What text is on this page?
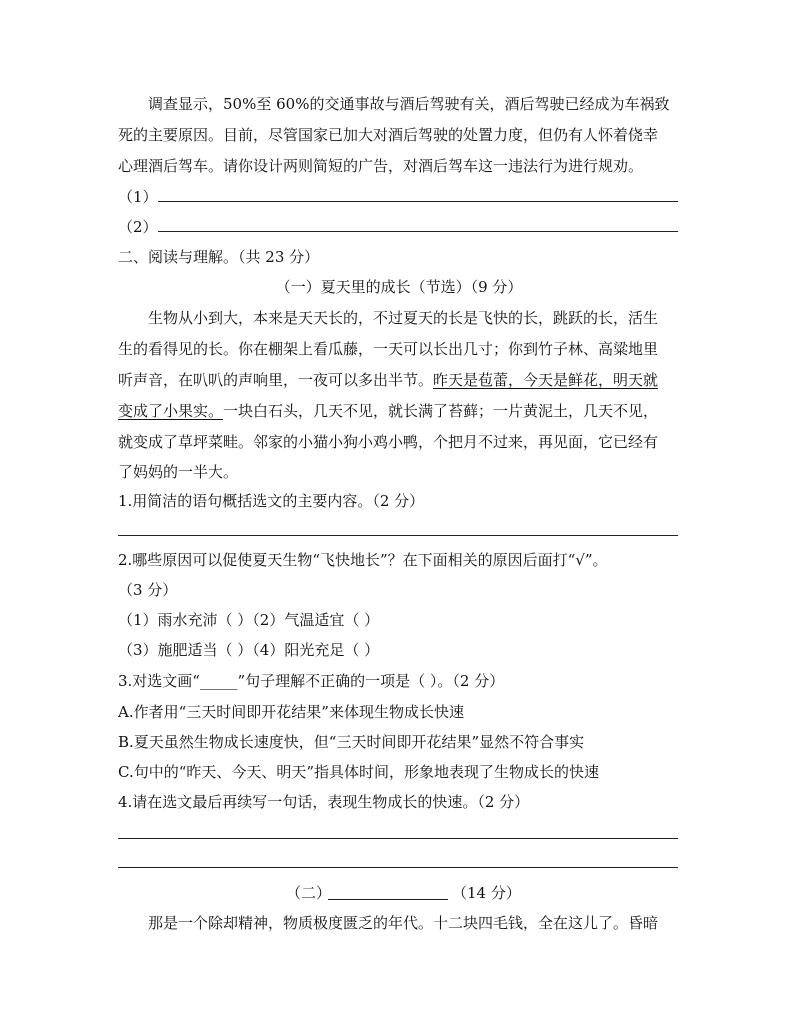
调查显示，50%至 60%的交通事故与酒后驾驶有关，酒后驾驶已经成为车祸致
死的主要原因。目前，尽管国家已加大对酒后驾驶的处置力度，但仍有人怀着侥幸
心理酒后驾车。请你设计两则简短的广告，对酒后驾车这一违法行为进行规劝。
（1）
（2）
二、阅读与理解。（共 23 分）
（一）夏天里的成长（节选）（9 分）
生物从小到大，本来是天天长的，不过夏天的长是飞快的长，跳跃的长，活生
生的看得见的长。你在棚架上看瓜藤，一天可以长出几寸；你到竹子林、高粱地里
听声音，在叭叭的声响里，一夜可以多出半节。昨天是苞蕾，今天是鲜花，明天就
变成了小果实。一块白石头，几天不见，就长满了苔藓；一片黄泥土，几天不见，
就变成了草坪菜畦。邻家的小猫小狗小鸡小鸭，个把月不过来，再见面，它已经有
了妈妈的一半大。
1.用简洁的语句概括选文的主要内容。（2 分）
2.哪些原因可以促使夏天生物“飞快地长”？在下面相关的原因后面打“√”。
（3 分）
（1）雨水充沛（ ）（2）气温适宜（ ）
（3）施肥适当（ ）（4）阳光充足（ ）
3.对选文画“_____”句子理解不正确的一项是（ ）。（2 分）
A.作者用“三天时间即开花结果”来体现生物成长快速
B.夏天虽然生物成长速度快，但“三天时间即开花结果”显然不符合事实
C.句中的“昨天、今天、明天”指具体时间，形象地表现了生物成长的快速
4.请在选文最后再续写一句话，表现生物成长的快速。（2 分）
（二）	（14 分）
那是一个除却精神，物质极度匮乏的年代。十二块四毛钱，全在这儿了。昏暗
